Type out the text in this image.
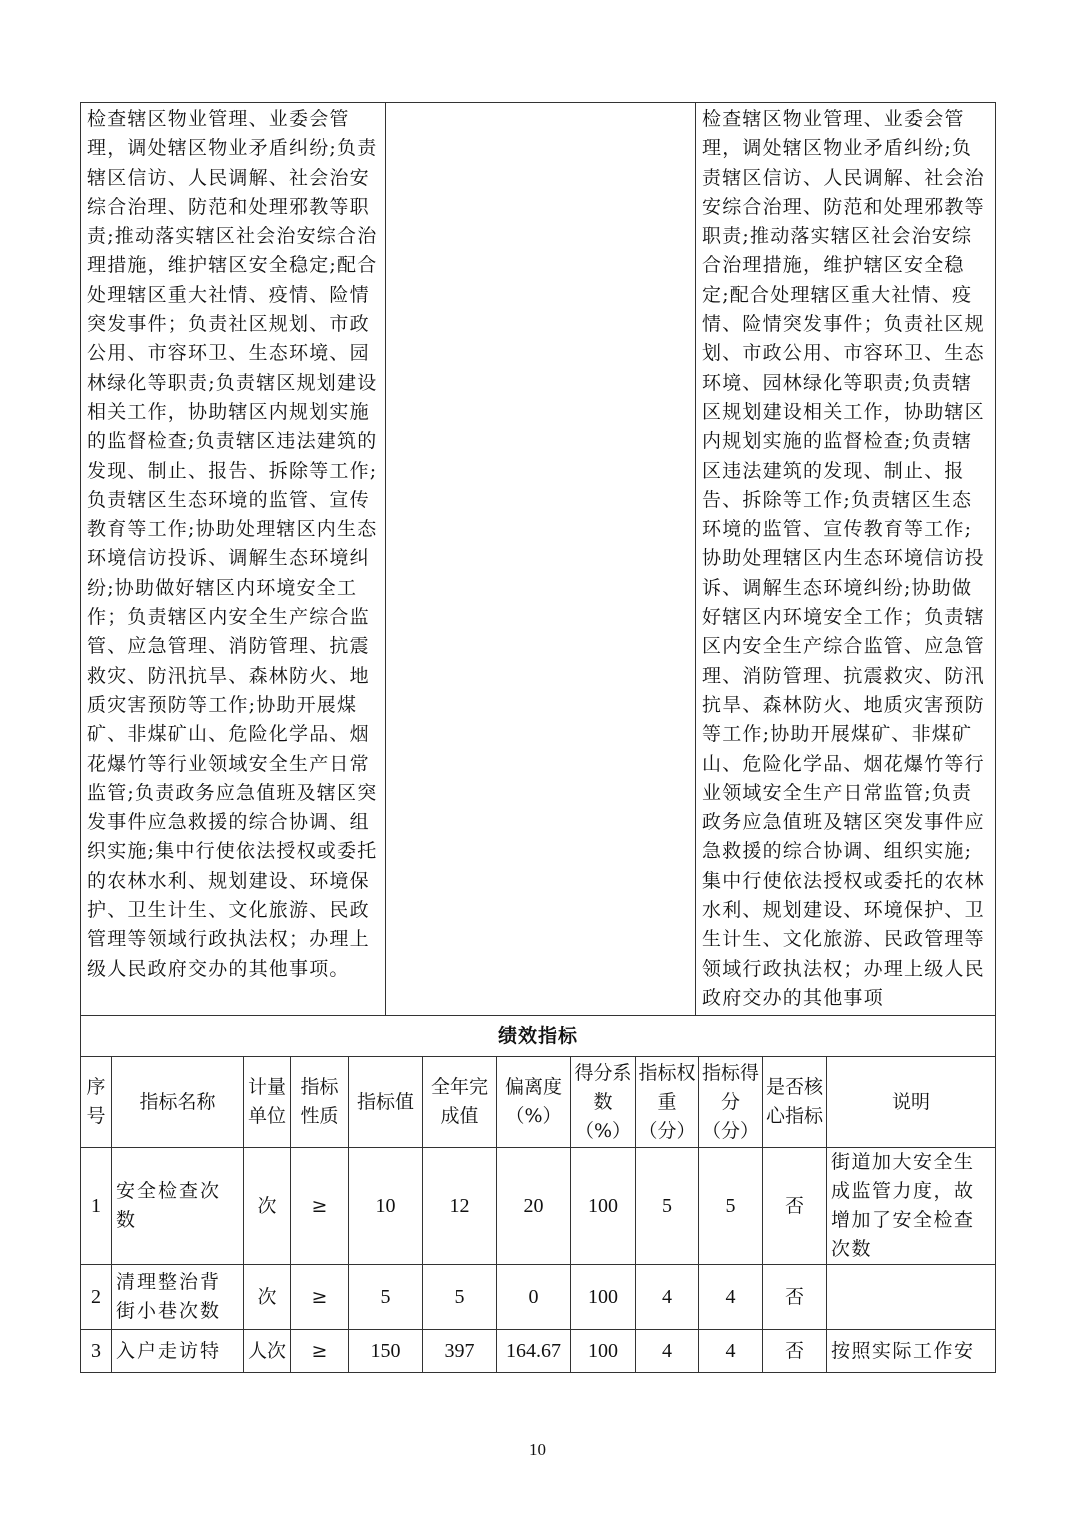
检查辖区物业管理、业委会管理，调处辖区物业矛盾纠纷;负责辖区信访、人民调解、社会治安综合治理、防范和处理邪教等职责;推动落实辖区社会治安综合治理措施，维护辖区安全稳定;配合处理辖区重大社情、疫情、险情突发事件；负责社区规划、市政公用、市容环卫、生态环境、园林绿化等职责;负责辖区规划建设相关工作，协助辖区内规划实施的监督检查;负责辖区违法建筑的发现、制止、报告、拆除等工作;负责辖区生态环境的监管、宣传教育等工作;协助处理辖区内生态环境信访投诉、调解生态环境纠纷;协助做好辖区内环境安全工作；负责辖区内安全生产综合监管、应急管理、消防管理、抗震救灾、防汛抗旱、森林防火、地质灾害预防等工作;协助开展煤矿、非煤矿山、危险化学品、烟花爆竹等行业领域安全生产日常监管;负责政务应急值班及辖区突发事件应急救援的综合协调、组织实施;集中行使依法授权或委托的农林水利、规划建设、环境保护、卫生计生、文化旅游、民政管理等领域行政执法权；办理上级人民政府交办的其他事项。		检查辖区物业管理、业委会管理，调处辖区物业矛盾纠纷;负责辖区信访、人民调解、社会治安综合治理、防范和处理邪教等职责;推动落实辖区社会治安综合治理措施，维护辖区安全稳定;配合处理辖区重大社情、疫情、险情突发事件；负责社区规划、市政公用、市容环卫、生态环境、园林绿化等职责;负责辖区规划建设相关工作，协助辖区内规划实施的监督检查;负责辖区违法建筑的发现、制止、报告、拆除等工作;负责辖区生态环境的监管、宣传教育等工作;协助处理辖区内生态环境信访投诉、调解生态环境纠纷;协助做好辖区内环境安全工作；负责辖区内安全生产综合监管、应急管理、消防管理、抗震救灾、防汛抗旱、森林防火、地质灾害预防等工作;协助开展煤矿、非煤矿山、危险化学品、烟花爆竹等行业领域安全生产日常监管;负责政务应急值班及辖区突发事件应急救援的综合协调、组织实施;集中行使依法授权或委托的农林水利、规划建设、环境保护、卫生计生、文化旅游、民政管理等领域行政执法权；办理上级人民政府交办的其他事项
绩效指标											
序号	指标名称	计量单位	指标性质	指标值	全年完成值	偏离度（%）	得分系数（%）	指标权重（分）	指标得分（分）	是否核心指标	说明
1	安全检查次数	次	≥	10	12	20	100	5	5	否	街道加大安全生成监管力度，故增加了安全检查次数
2	清理整治背街小巷次数	次	≥	5	5	0	100	4	4	否	
3	入户走访特	人次	≥	150	397	164.67	100	4	4	否	按照实际工作安
10
